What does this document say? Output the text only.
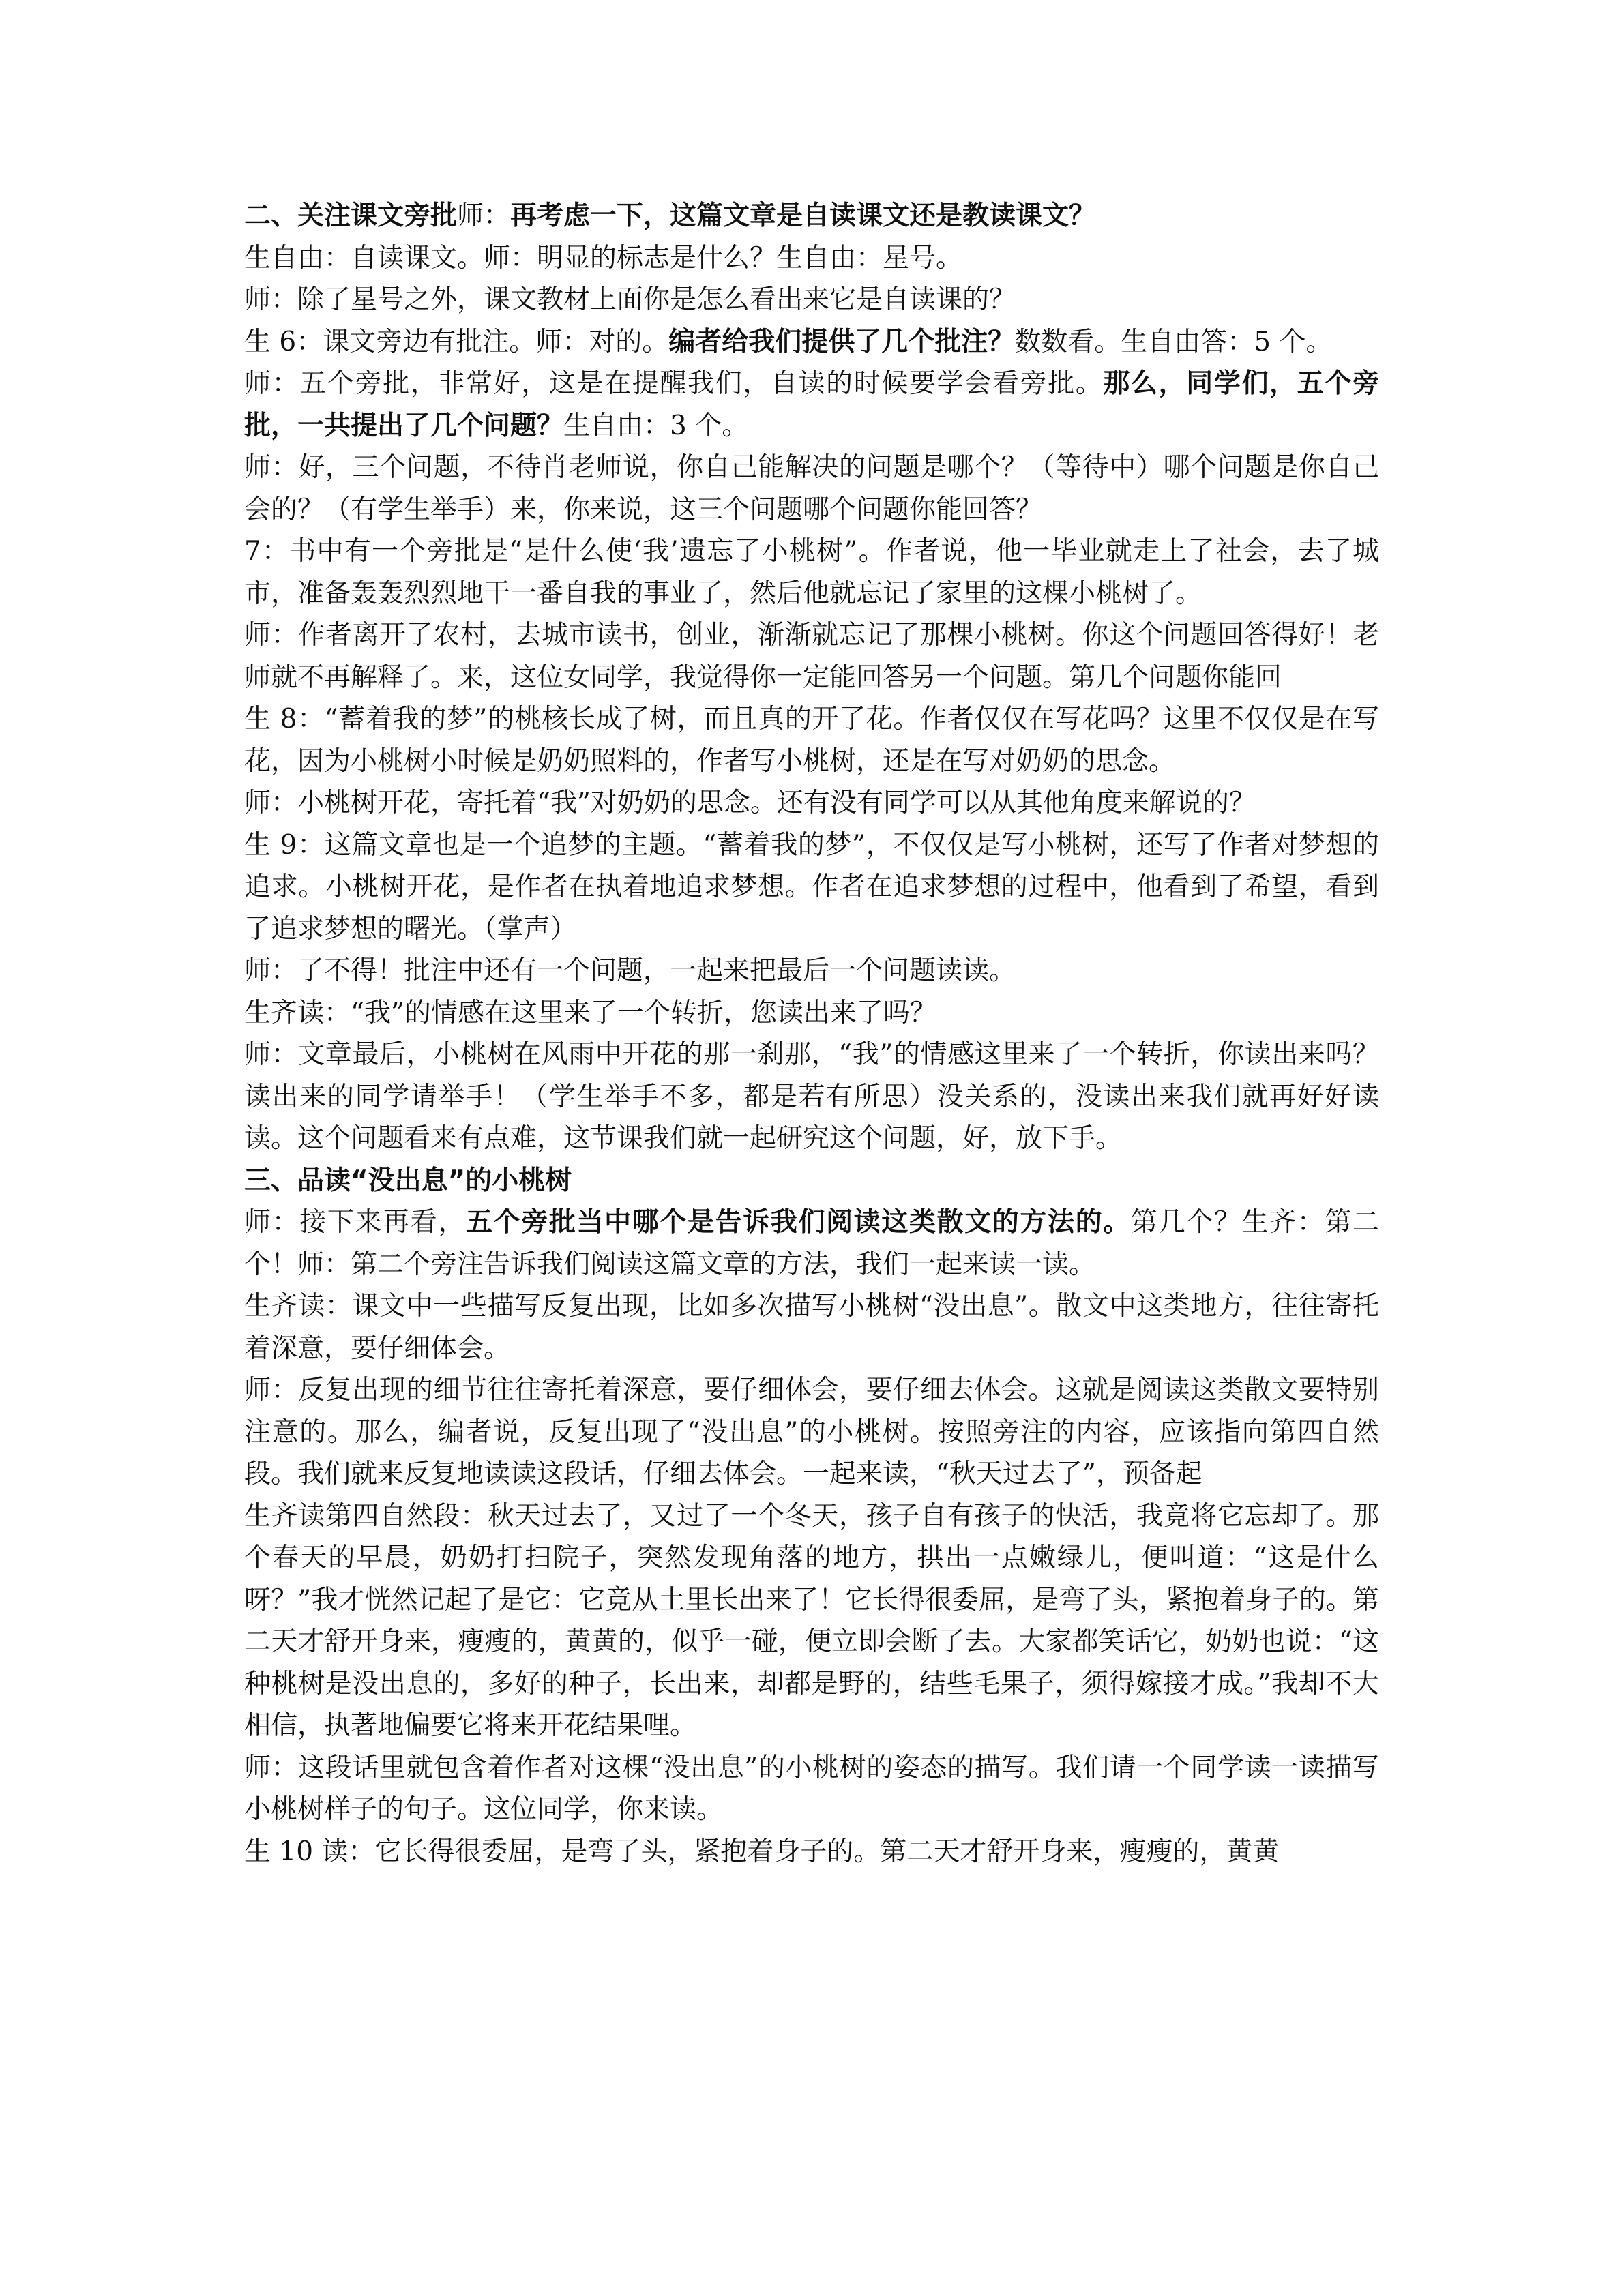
二、关注课文旁批师：再考虑一下，这篇文章是自读课文还是教读课文？

生自由：自读课文。师：明显的标志是什么？生自由：星号。

师：除了星号之外，课文教材上面你是怎么看出来它是自读课的？

生 6：课文旁边有批注。师：对的。编者给我们提供了几个批注？数数看。生自由答：5 个。

师：五个旁批，非常好，这是在提醒我们，自读的时候要学会看旁批。那么，同学们，五个旁批，一共提出了几个问题？生自由：3 个。

师：好，三个问题，不待肖老师说，你自己能解决的问题是哪个？（等待中）哪个问题是你自己会的？（有学生举手）来，你来说，这三个问题哪个问题你能回答？

7：书中有一个旁批是“是什么使‘我’遗忘了小桃树”。作者说，他一毕业就走上了社会，去了城市，准备轰轰烈烈地干一番自我的事业了，然后他就忘记了家里的这棵小桃树了。

师：作者离开了农村，去城市读书，创业，渐渐就忘记了那棵小桃树。你这个问题回答得好！老师就不再解释了。来，这位女同学，我觉得你一定能回答另一个问题。第几个问题你能回

生 8：“蓄着我的梦”的桃核长成了树，而且真的开了花。作者仅仅在写花吗？这里不仅仅是在写花，因为小桃树小时候是奶奶照料的，作者写小桃树，还是在写对奶奶的思念。

师：小桃树开花，寄托着“我”对奶奶的思念。还有没有同学可以从其他角度来解说的？

生 9：这篇文章也是一个追梦的主题。“蓄着我的梦”，不仅仅是写小桃树，还写了作者对梦想的追求。小桃树开花，是作者在执着地追求梦想。作者在追求梦想的过程中，他看到了希望，看到了追求梦想的曙光。（掌声）

师：了不得！批注中还有一个问题，一起来把最后一个问题读读。

生齐读：“我”的情感在这里来了一个转折，您读出来了吗？

师：文章最后，小桃树在风雨中开花的那一刹那，“我”的情感这里来了一个转折，你读出来吗？读出来的同学请举手！（学生举手不多，都是若有所思）没关系的，没读出来我们就再好好读读。这个问题看来有点难，这节课我们就一起研究这个问题，好，放下手。

三、品读“没出息”的小桃树

师：接下来再看，五个旁批当中哪个是告诉我们阅读这类散文的方法的。第几个？生齐：第二个！师：第二个旁注告诉我们阅读这篇文章的方法，我们一起来读一读。

生齐读：课文中一些描写反复出现，比如多次描写小桃树“没出息”。散文中这类地方，往往寄托着深意，要仔细体会。

师：反复出现的细节往往寄托着深意，要仔细体会，要仔细去体会。这就是阅读这类散文要特别注意的。那么，编者说，反复出现了“没出息”的小桃树。按照旁注的内容，应该指向第四自然段。我们就来反复地读读这段话，仔细去体会。一起来读，“秋天过去了”，预备起

生齐读第四自然段：秋天过去了，又过了一个冬天，孩子自有孩子的快活，我竟将它忘却了。那个春天的早晨，奶奶打扫院子，突然发现角落的地方，拱出一点嫩绿儿，便叫道：“这是什么呀？”我才恍然记起了是它：它竟从土里长出来了！它长得很委屈，是弯了头，紧抱着身子的。第二天才舒开身来，瘦瘦的，黄黄的，似乎一碰，便立即会断了去。大家都笑话它，奶奶也说：“这种桃树是没出息的，多好的种子，长出来，却都是野的，结些毛果子，须得嫁接才成。”我却不大相信，执著地偏要它将来开花结果哩。

师：这段话里就包含着作者对这棵“没出息”的小桃树的姿态的描写。我们请一个同学读一读描写小桃树样子的句子。这位同学，你来读。

生 10 读：它长得很委屈，是弯了头，紧抱着身子的。第二天才舒开身来，瘦瘦的，黄黄
